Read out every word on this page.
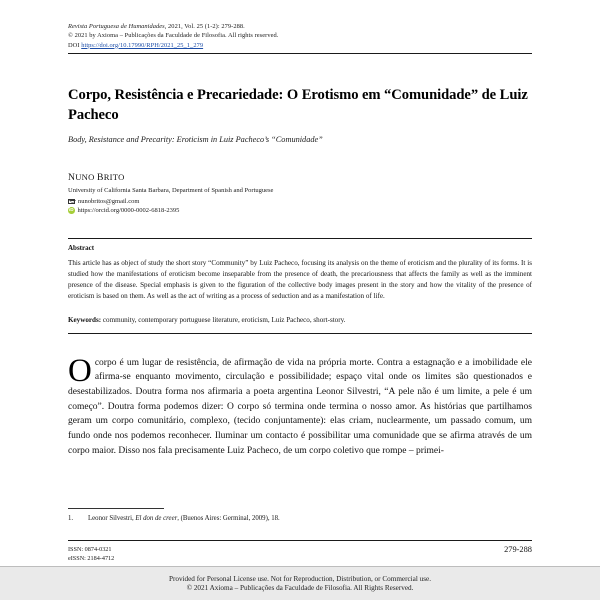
Revista Portuguesa de Humanidades, 2021, Vol. 25 (1-2): 279-288.
© 2021 by Axioma – Publicações da Faculdade de Filosofia. All rights reserved.
DOI https://doi.org/10.17990/RPH/2021_25_1_279
Corpo, Resistência e Precariedade: O Erotismo em “Comunidade” de Luiz Pacheco

Body, Resistance and Precarity: Eroticism in Luiz Pacheco’s “Comunidade”

NUNO BRITO
University of California Santa Barbara, Department of Spanish and Portuguese
nunobritos@gmail.com
iD https://orcid.org/0000-0002-6818-2395
Abstract

This article has as object of study the short story “Community” by Luiz Pacheco, focusing its analysis on the theme of eroticism and the plurality of its forms. It is studied how the manifestations of eroticism become inseparable from the presence of death, the precariousness that affects the family as well as the imminent presence of the disease. Special emphasis is given to the figuration of the collective body images present in the story and how the vitality of the presence of eroticism is based on them. As well as the act of writing as a process of seduction and as a manifestation of life.

Keywords: community, contemporary portuguese literature, eroticism, Luiz Pacheco, short-story.

Ocorpo é um lugar de resistência, de afirmação de vida na própria morte. Contra a estagnação e a imobilidade ele afirma-se enquanto movimento, circulação e possibilidade; espaço vital onde os limites são questionados e desestabilizados. Doutra forma nos afirmaria a poeta argentina Leonor Silvestri, “A pele não é um limite, a pele é um começo”. Doutra forma podemos dizer: O corpo só termina onde termina o nosso amor. As histórias que partilhamos geram um corpo comunitário, complexo, (tecido conjuntamente): elas criam, nuclearmente, um passado comum, um fundo onde nos podemos reconhecer. Iluminar um contacto é possibilitar uma comunidade que se afirma através de um corpo maior. Disso nos fala precisamente Luiz Pacheco, de um corpo coletivo que rompe – primei-
1. Leonor Silvestri, El don de creer, (Buenos Aires: Germinal, 2009), 18.
ISSN: 0874-0321
eISSN: 2184-4712
279-288
Provided for Personal License use. Not for Reproduction, Distribution, or Commercial use.
© 2021 Axioma – Publicações da Faculdade de Filosofia. All Rights Reserved.
